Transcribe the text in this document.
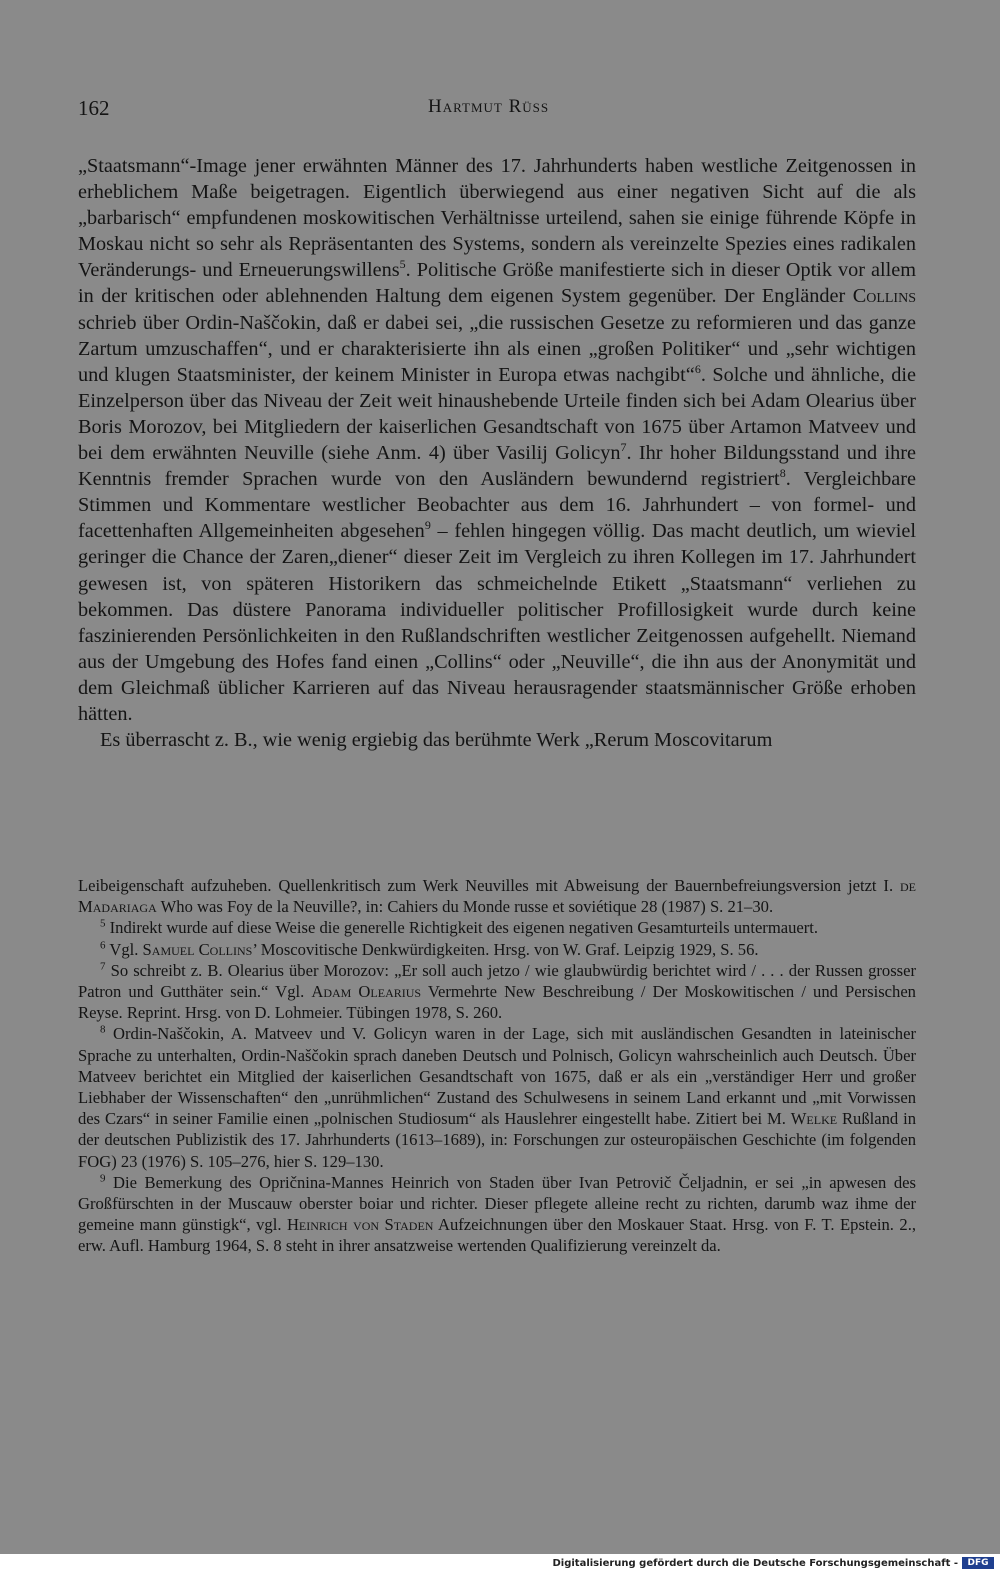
162	Hartmut Rüss

„Staatsmann“-Image jener erwähnten Männer des 17. Jahrhunderts haben westliche Zeitgenossen in erheblichem Maße beigetragen. Eigentlich überwiegend aus einer negativen Sicht auf die als „barbarisch“ empfundenen moskowitischen Verhältnisse urteilend, sahen sie einige führende Köpfe in Moskau nicht so sehr als Repräsentanten des Systems, sondern als vereinzelte Spezies eines radikalen Veränderungs- und Erneuerungswillens$^5$. Politische Größe manifestierte sich in dieser Optik vor allem in der kritischen oder ablehnenden Haltung dem eigenen System gegenüber. Der Engländer Collins schrieb über Ordin-Naščokin, daß er dabei sei, „die russischen Gesetze zu reformieren und das ganze Zartum umzuschaffen“, und er charakterisierte ihn als einen „großen Politiker“ und „sehr wichtigen und klugen Staatsminister, der keinem Minister in Europa etwas nachgibt“$^6$. Solche und ähnliche, die Einzelperson über das Niveau der Zeit weit hinaushebende Urteile finden sich bei Adam Olearius über Boris Morozov, bei Mitgliedern der kaiserlichen Gesandtschaft von 1675 über Artamon Matveev und bei dem erwähnten Neuville (siehe Anm. 4) über Vasilij Golicyn$^7$. Ihr hoher Bildungsstand und ihre Kenntnis fremder Sprachen wurde von den Ausländern bewundernd registriert$^8$. Vergleichbare Stimmen und Kommentare westlicher Beobachter aus dem 16. Jahrhundert – von formel- und facettenhaften Allgemeinheiten abgesehen$^9$ – fehlen hingegen völlig. Das macht deutlich, um wieviel geringer die Chance der Zaren„diener“ dieser Zeit im Vergleich zu ihren Kollegen im 17. Jahrhundert gewesen ist, von späteren Historikern das schmeichelnde Etikett „Staatsmann“ verliehen zu bekommen. Das düstere Panorama individueller politischer Profillosigkeit wurde durch keine faszinierenden Persönlichkeiten in den Rußlandschriften westlicher Zeitgenossen aufgehellt. Niemand aus der Umgebung des Hofes fand einen „Collins“ oder „Neuville“, die ihn aus der Anonymität und dem Gleichmaß üblicher Karrieren auf das Niveau herausragender staatsmännischer Größe erhoben hätten.

Es überrascht z. B., wie wenig ergiebig das berühmte Werk „Rerum Moscovitarum

Leibeigenschaft aufzuheben. Quellenkritisch zum Werk Neuvilles mit Abweisung der Bauernbefreiungsversion jetzt I. de Madariaga Who was Foy de la Neuville?, in: Cahiers du Monde russe et soviétique 28 (1987) S. 21–30.

$^5$ Indirekt wurde auf diese Weise die generelle Richtigkeit des eigenen negativen Gesamturteils untermauert.

$^6$ Vgl. Samuel Collins’ Moscovitische Denkwürdigkeiten. Hrsg. von W. Graf. Leipzig 1929, S. 56.

$^7$ So schreibt z. B. Olearius über Morozov: „Er soll auch jetzo / wie glaubwürdig berichtet wird / . . . der Russen grosser Patron und Gutthäter sein.“ Vgl. Adam Olearius Vermehrte New Beschreibung / Der Moskowitischen / und Persischen Reyse. Reprint. Hrsg. von D. Lohmeier. Tübingen 1978, S. 260.

$^8$ Ordin-Naščokin, A. Matveev und V. Golicyn waren in der Lage, sich mit ausländischen Gesandten in lateinischer Sprache zu unterhalten, Ordin-Naščokin sprach daneben Deutsch und Polnisch, Golicyn wahrscheinlich auch Deutsch. Über Matveev berichtet ein Mitglied der kaiserlichen Gesandtschaft von 1675, daß er als ein „verständiger Herr und großer Liebhaber der Wissenschaften“ den „unrühmlichen“ Zustand des Schulwesens in seinem Land erkannt und „mit Vorwissen des Czars“ in seiner Familie einen „polnischen Studiosum“ als Hauslehrer eingestellt habe. Zitiert bei M. Welke Rußland in der deutschen Publizistik des 17. Jahrhunderts (1613–1689), in: Forschungen zur osteuropäischen Geschichte (im folgenden FOG) 23 (1976) S. 105–276, hier S. 129–130.

$^9$ Die Bemerkung des Opričnina-Mannes Heinrich von Staden über Ivan Petrovič Čeljadnin, er sei „in apwesen des Großfürschten in der Muscauw oberster boiar und richter. Dieser pflegete alleine recht zu richten, darumb waz ihme der gemeine mann günstigk“, vgl. Heinrich von Staden Aufzeichnungen über den Moskauer Staat. Hrsg. von F. T. Epstein. 2., erw. Aufl. Hamburg 1964, S. 8 steht in ihrer ansatzweise wertenden Qualifizierung vereinzelt da.

Digitalisierung gefördert durch die Deutsche Forschungsgemeinschaft -	DFG
